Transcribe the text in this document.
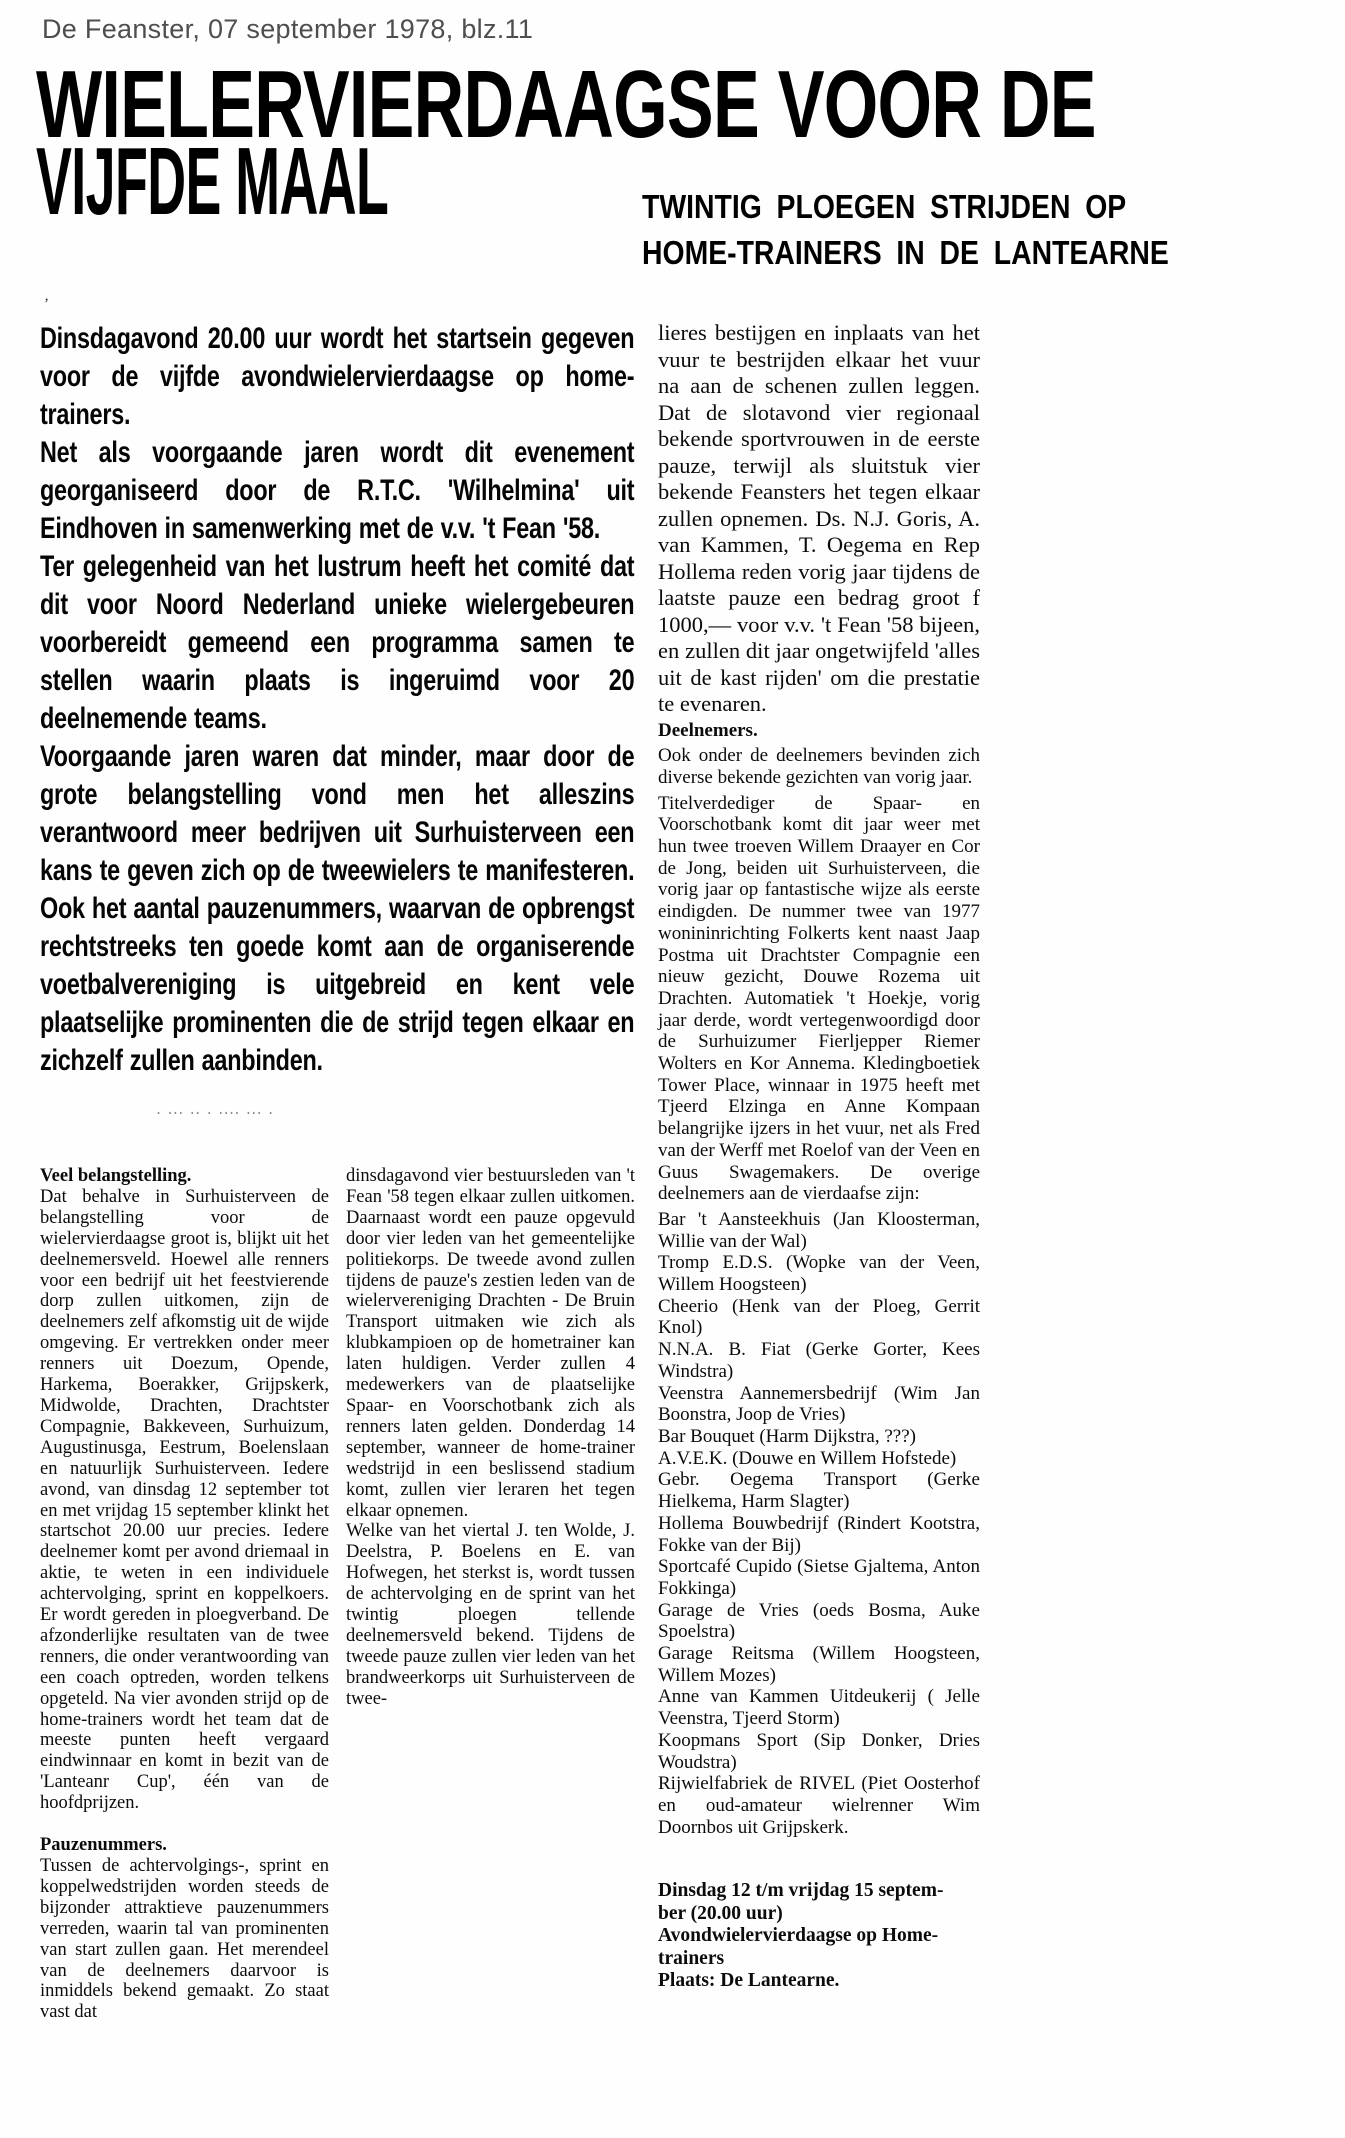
De Feanster, 07 september 1978, blz.11
WIELERVIERDAAGSE VOOR DE
VIJFDE MAAL	TWINTIG PLOEGEN STRIJDEN OP
HOME-TRAINERS IN DE LANTEARNE
’

Dinsdagavond 20.00 uur wordt het startsein gegeven voor de vijfde avondwielervierdaagse op home-trainers.

Net als voorgaande jaren wordt dit evenement georganiseerd door de R.T.C. 'Wilhelmina' uit Eindhoven in samenwerking met de v.v. 't Fean '58.

Ter gelegenheid van het lustrum heeft het comité dat dit voor Noord Nederland unieke wielergebeuren voorbereidt gemeend een programma samen te stellen waarin plaats is ingeruimd voor 20 deelnemende teams.

Voorgaande jaren waren dat minder, maar door de grote belangstelling vond men het alleszins verantwoord meer bedrijven uit Surhuisterveen een kans te geven zich op de tweewielers te manifesteren. Ook het aantal pauzenummers, waarvan de opbrengst rechtstreeks ten goede komt aan de organiserende voetbalvereniging is uitgebreid en kent vele plaatselijke prominenten die de strijd tegen elkaar en zichzelf zullen aanbinden.

. ... .. . .... ... .
Veel belangstelling.
Dat behalve in Surhuisterveen de belangstelling voor de wielervierdaagse groot is, blijkt uit het deelnemersveld. Hoewel alle renners voor een bedrijf uit het feestvierende dorp zullen uitkomen, zijn de deelnemers zelf afkomstig uit de wijde omgeving. Er vertrekken onder meer renners uit Doezum, Opende, Harkema, Boerakker, Grijpskerk, Midwolde, Drachten, Drachtster Compagnie, Bakkeveen, Surhuizum, Augustinusga, Eestrum, Boelenslaan en natuurlijk Surhuisterveen. Iedere avond, van dinsdag 12 september tot en met vrijdag 15 september klinkt het startschot 20.00 uur precies. Iedere deelnemer komt per avond driemaal in aktie, te weten in een individuele achtervolging, sprint en koppelkoers. Er wordt gereden in ploegverband. De afzonderlijke resultaten van de twee renners, die onder verantwoording van een coach optreden, worden telkens opgeteld. Na vier avonden strijd op de home-trainers wordt het team dat de meeste punten heeft vergaard eindwinnaar en komt in bezit van de 'Lanteanr Cup', één van de hoofdprijzen.
Pauzenummers.
Tussen de achtervolgings-, sprint en koppelwedstrijden worden steeds de bijzonder attraktieve pauzenummers verreden, waarin tal van prominenten van start zullen gaan. Het merendeel van de deelnemers daarvoor is inmiddels bekend gemaakt. Zo staat vast dat
dinsdagavond vier bestuursleden van 't Fean '58 tegen elkaar zullen uitkomen. Daarnaast wordt een pauze opgevuld door vier leden van het gemeentelijke politiekorps. De tweede avond zullen tijdens de pauze's zestien leden van de wielervereniging Drachten - De Bruin Transport uitmaken wie zich als klubkampioen op de hometrainer kan laten huldigen. Verder zullen 4 medewerkers van de plaatselijke Spaar- en Voorschotbank zich als renners laten gelden. Donderdag 14 september, wanneer de home-trainer wedstrijd in een beslissend stadium komt, zullen vier leraren het tegen elkaar opnemen.
Welke van het viertal J. ten Wolde, J. Deelstra, P. Boelens en E. van Hofwegen, het sterkst is, wordt tussen de achtervolging en de sprint van het twintig ploegen tellende deelnemersveld bekend. Tijdens de tweede pauze zullen vier leden van het brandweerkorps uit Surhuisterveen de twee-
lieres bestijgen en inplaats van het vuur te bestrijden elkaar het vuur na aan de schenen zullen leggen. Dat de slotavond vier regionaal bekende sportvrouwen in de eerste pauze, terwijl als sluitstuk vier bekende Feansters het tegen elkaar zullen opnemen. Ds. N.J. Goris, A. van Kammen, T. Oegema en Rep Hollema reden vorig jaar tijdens de laatste pauze een bedrag groot f 1000,— voor v.v. 't Fean '58 bijeen, en zullen dit jaar ongetwijfeld 'alles uit de kast rijden' om die prestatie te evenaren.
Deelnemers.
Ook onder de deelnemers bevinden zich diverse bekende gezichten van vorig jaar.
Titelverdediger de Spaar- en Voorschotbank komt dit jaar weer met hun twee troeven Willem Draayer en Cor de Jong, beiden uit Surhuisterveen, die vorig jaar op fantastische wijze als eerste eindigden. De nummer twee van 1977 wonininrichting Folkerts kent naast Jaap Postma uit Drachtster Compagnie een nieuw gezicht, Douwe Rozema uit Drachten. Automatiek 't Hoekje, vorig jaar derde, wordt vertegenwoordigd door de Surhuizumer Fierljepper Riemer Wolters en Kor Annema. Kledingboetiek Tower Place, winnaar in 1975 heeft met Tjeerd Elzinga en Anne Kompaan belangrijke ijzers in het vuur, net als Fred van der Werff met Roelof van der Veen en Guus Swagemakers. De overige deelnemers aan de vierdaafse zijn:
Bar 't Aansteekhuis (Jan Kloosterman, Willie van der Wal)
Tromp E.D.S. (Wopke van der Veen, Willem Hoogsteen)
Cheerio (Henk van der Ploeg, Gerrit Knol)
N.N.A. B. Fiat (Gerke Gorter, Kees Windstra)
Veenstra Aannemersbedrijf (Wim Jan Boonstra, Joop de Vries)
Bar Bouquet (Harm Dijkstra, ???)
A.V.E.K. (Douwe en Willem Hofstede)
Gebr. Oegema Transport (Gerke Hielkema, Harm Slagter)
Hollema Bouwbedrijf (Rindert Kootstra, Fokke van der Bij)
Sportcafé Cupido (Sietse Gjaltema, Anton Fokkinga)
Garage de Vries (oeds Bosma, Auke Spoelstra)
Garage Reitsma (Willem Hoogsteen, Willem Mozes)
Anne van Kammen Uitdeukerij ( Jelle Veenstra, Tjeerd Storm)
Koopmans Sport (Sip Donker, Dries Woudstra)
Rijwielfabriek de RIVEL (Piet Oosterhof en oud-amateur wielrenner Wim Doornbos uit Grijpskerk.
Dinsdag 12 t/m vrijdag 15 septem-
ber (20.00 uur)
Avondwielervierdaagse op Home-
trainers
Plaats: De Lantearne.
